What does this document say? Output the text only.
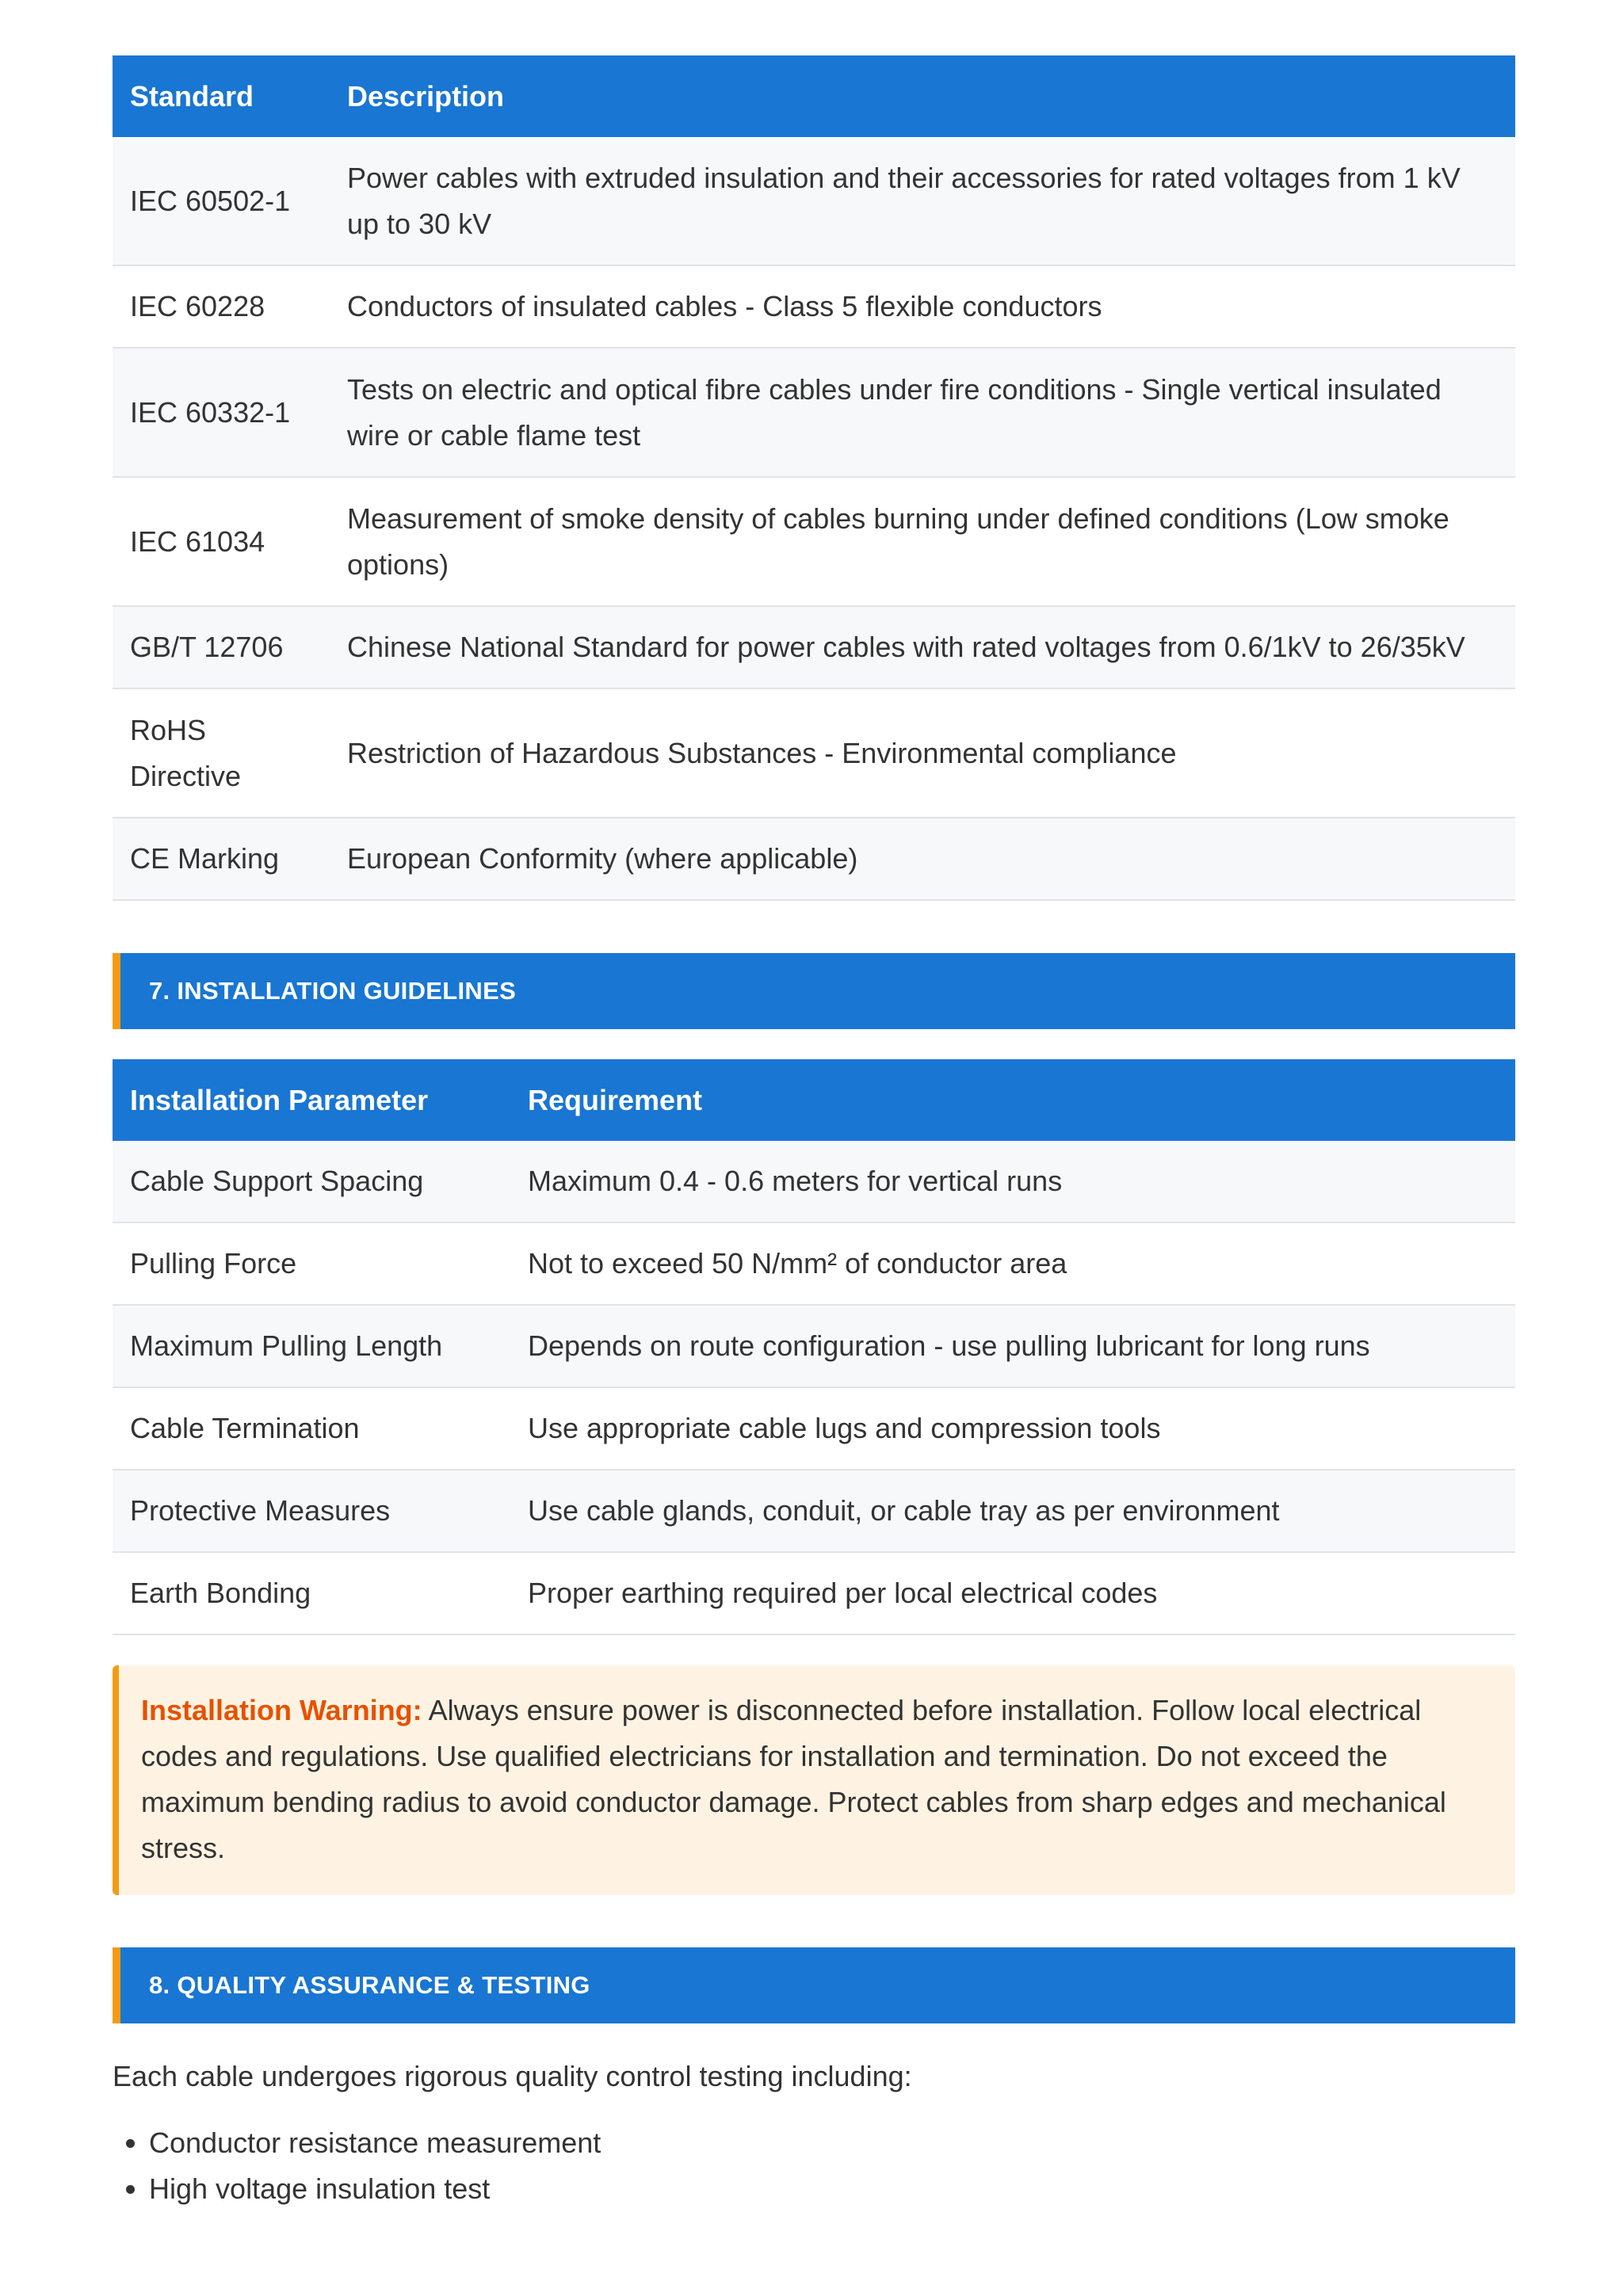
Standard	Description
IEC 60502-1	Power cables with extruded insulation and their accessories for rated voltages from 1 kV up to 30 kV
IEC 60228	Conductors of insulated cables - Class 5 flexible conductors
IEC 60332-1	Tests on electric and optical fibre cables under fire conditions - Single vertical insulated wire or cable flame test
IEC 61034	Measurement of smoke density of cables burning under defined conditions (Low smoke options)
GB/T 12706	Chinese National Standard for power cables with rated voltages from 0.6/1kV to 26/35kV
RoHS Directive	Restriction of Hazardous Substances - Environmental compliance
CE Marking	European Conformity (where applicable)
7. INSTALLATION GUIDELINES
Installation Parameter	Requirement
Cable Support Spacing	Maximum 0.4 - 0.6 meters for vertical runs
Pulling Force	Not to exceed 50 N/mm² of conductor area
Maximum Pulling Length	Depends on route configuration - use pulling lubricant for long runs
Cable Termination	Use appropriate cable lugs and compression tools
Protective Measures	Use cable glands, conduit, or cable tray as per environment
Earth Bonding	Proper earthing required per local electrical codes
Installation Warning: Always ensure power is disconnected before installation. Follow local electrical codes and regulations. Use qualified electricians for installation and termination. Do not exceed the maximum bending radius to avoid conductor damage. Protect cables from sharp edges and mechanical stress.
8. QUALITY ASSURANCE & TESTING

Each cable undergoes rigorous quality control testing including:

• Conductor resistance measurement
• High voltage insulation test
